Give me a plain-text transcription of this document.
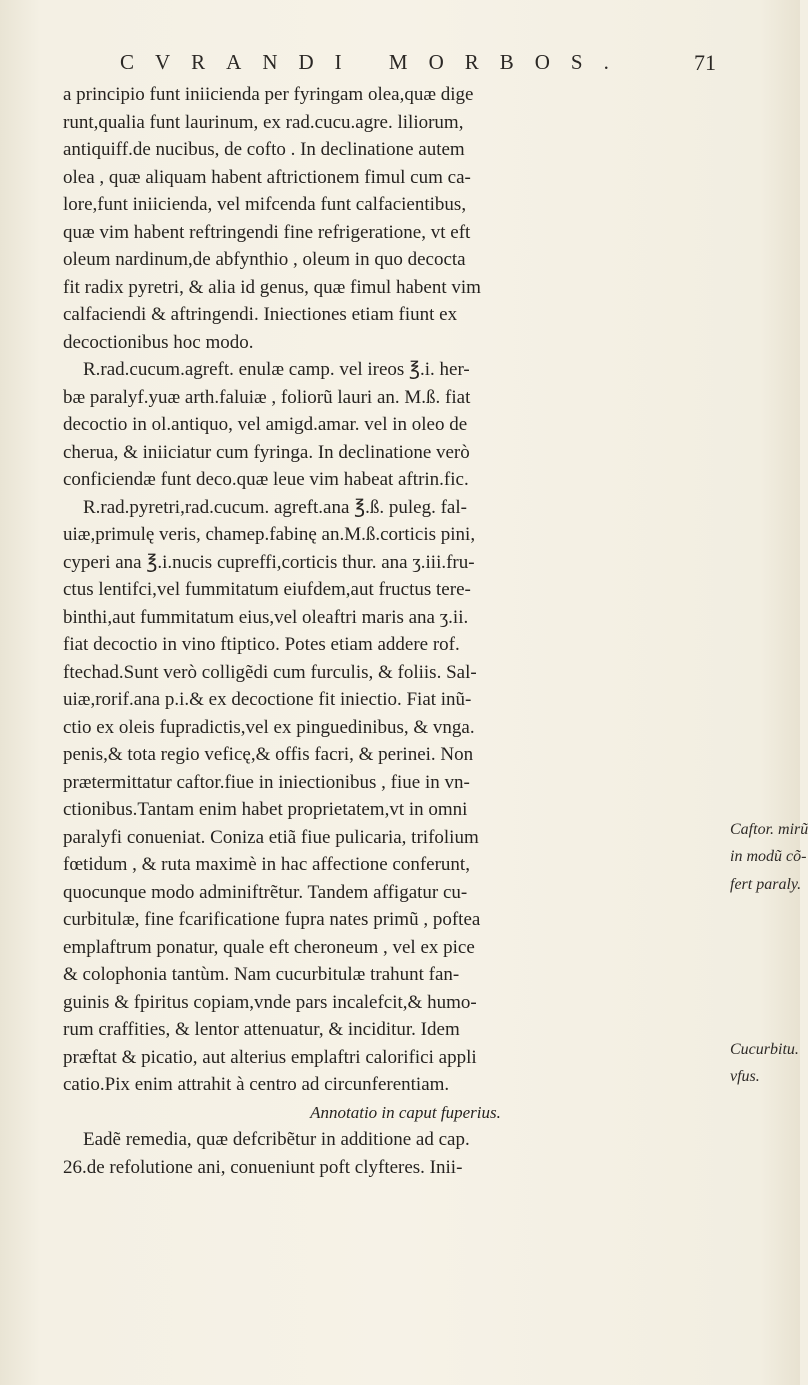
CVRANDI MORBOS.	71
a principio funt iniicienda per fyringam olea,quæ dige
runt,qualia funt laurinum, ex rad.cucu.agre. liliorum,
antiquiff.de nucibus, de cofto . In declinatione autem
olea , quæ aliquam habent aftrictionem fimul cum ca-
lore,funt iniicienda, vel mifcenda funt calfacientibus,
quæ vim habent reftringendi fine refrigeratione, vt eft
oleum nardinum,de abfynthio , oleum in quo decocta
fit radix pyretri, & alia id genus, quæ fimul habent vim
calfaciendi & aftringendi. Iniectiones etiam fiunt ex
decoctionibus hoc modo.
R.rad.cucum.agreft. enulæ camp. vel ireos ℥.i. her-
bæ paralyf.yuæ arth.faluiæ , foliorũ lauri an. M.ß. fiat
decoctio in ol.antiquo, vel amigd.amar. vel in oleo de
cherua, & iniiciatur cum fyringa. In declinatione verò
conficiendæ funt deco.quæ leue vim habeat aftrin.fic.
R.rad.pyretri,rad.cucum. agreft.ana ℥.ß. puleg. fal-
uiæ,primulę veris, chamep.fabinę an.M.ß.corticis pini,
cyperi ana ℥.i.nucis cupreffi,corticis thur. ana ʒ.iii.fru-
ctus lentifci,vel fummitatum eiufdem,aut fructus tere-
binthi,aut fummitatum eius,vel oleaftri maris ana ʒ.ii.
fiat decoctio in vino ftiptico. Potes etiam addere rof.
ftechad.Sunt verò colligẽdi cum furculis, & foliis. Sal-
uiæ,rorif.ana p.i.& ex decoctione fit iniectio. Fiat inũ-
ctio ex oleis fupradictis,vel ex pinguedinibus, & vnga.
penis,& tota regio veficę,& offis facri, & perinei. Non
prætermittatur caftor.fiue in iniectionibus , fiue in vn-
ctionibus.Tantam enim habet proprietatem,vt in omni
paralyfi conueniat. Coniza etiã fiue pulicaria, trifolium
fœtidum , & ruta maximè in hac affectione conferunt,
quocunque modo adminiftrẽtur. Tandem affigatur cu-
curbitulæ, fine fcarificatione fupra nates primũ , poftea
emplaftrum ponatur, quale eft cheroneum , vel ex pice
& colophonia tantùm. Nam cucurbitulæ trahunt fan-
guinis & fpiritus copiam,vnde pars incalefcit,& humo-
rum craffities, & lentor attenuatur, & inciditur. Idem
præftat & picatio, aut alterius emplaftri calorifici appli
catio.Pix enim attrahit à centro ad circunferentiam.
Annotatio in caput fuperius.
Eadẽ remedia, quæ defcribẽtur in additione ad cap.
26.de refolutione ani, conueniunt poft clyfteres. Inii-
Caftor. mirũ
in modũ cõ-
fert paraly.
Cucurbitu.
vfus.
